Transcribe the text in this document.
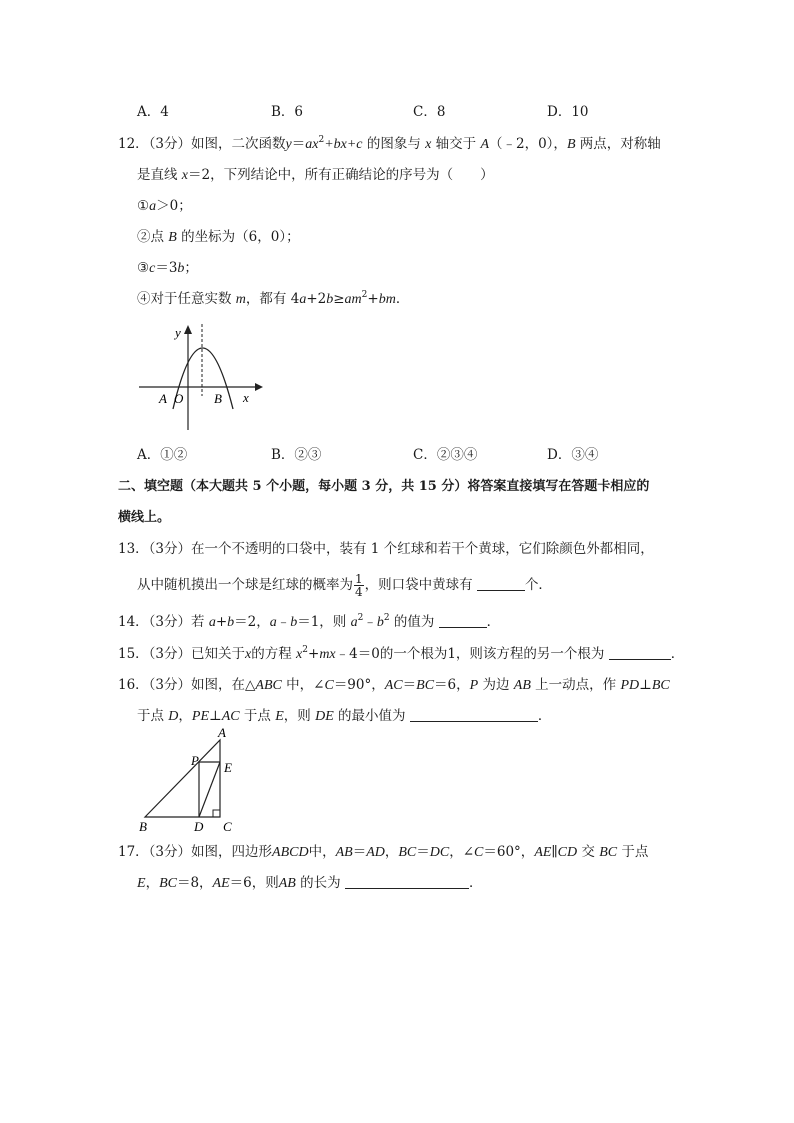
A．4	B．6	C．8	D．10
12．（3分）如图，二次函数$y=ax^2+bx+c$ 的图象与 x 轴交于 A（﹣2，0），B 两点，对称轴
是直线 x＝2，下列结论中，所有正确结论的序号为（　　）
①a＞0；
②点 B 的坐标为（6，0）；
③c＝3b；
④对于任意实数 m，都有 $4a+2b\ge am^2+bm$．
y
x
A O B
A．①②	B．②③	C．②③④	D．③④
二、填空题（本大题共 5 个小题，每小题 3 分，共 15 分）将答案直接填写在答题卡相应的
横线上。
13．（3分）在一个不透明的口袋中，装有 1 个红球和若干个黄球，它们除颜色外都相同，
从中随机摸出一个球是红球的概率为 $\frac{1}{4}$ ，则口袋中黄球有	个．
14．（3分）若 a+b＝2，a﹣b＝1，则 $a^2﹣b^2$ 的值为	．
15．（3分）已知关于x的方程 $x^2+mx﹣4=0$的一个根为1，则该方程的另一个根为	．
16．（3分）如图，在△ABC 中，∠C＝90°，AC＝BC＝6，P 为边 AB 上一动点，作 PD⊥BC
于点 D，PE⊥AC 于点 E，则 DE 的最小值为	．
A
P E
B	D C
17．（3分）如图，四边形ABCD中，AB＝AD，BC＝DC，∠C＝60°，AE∥CD 交 BC 于点
E，BC＝8，AE＝6，则AB 的长为	．
